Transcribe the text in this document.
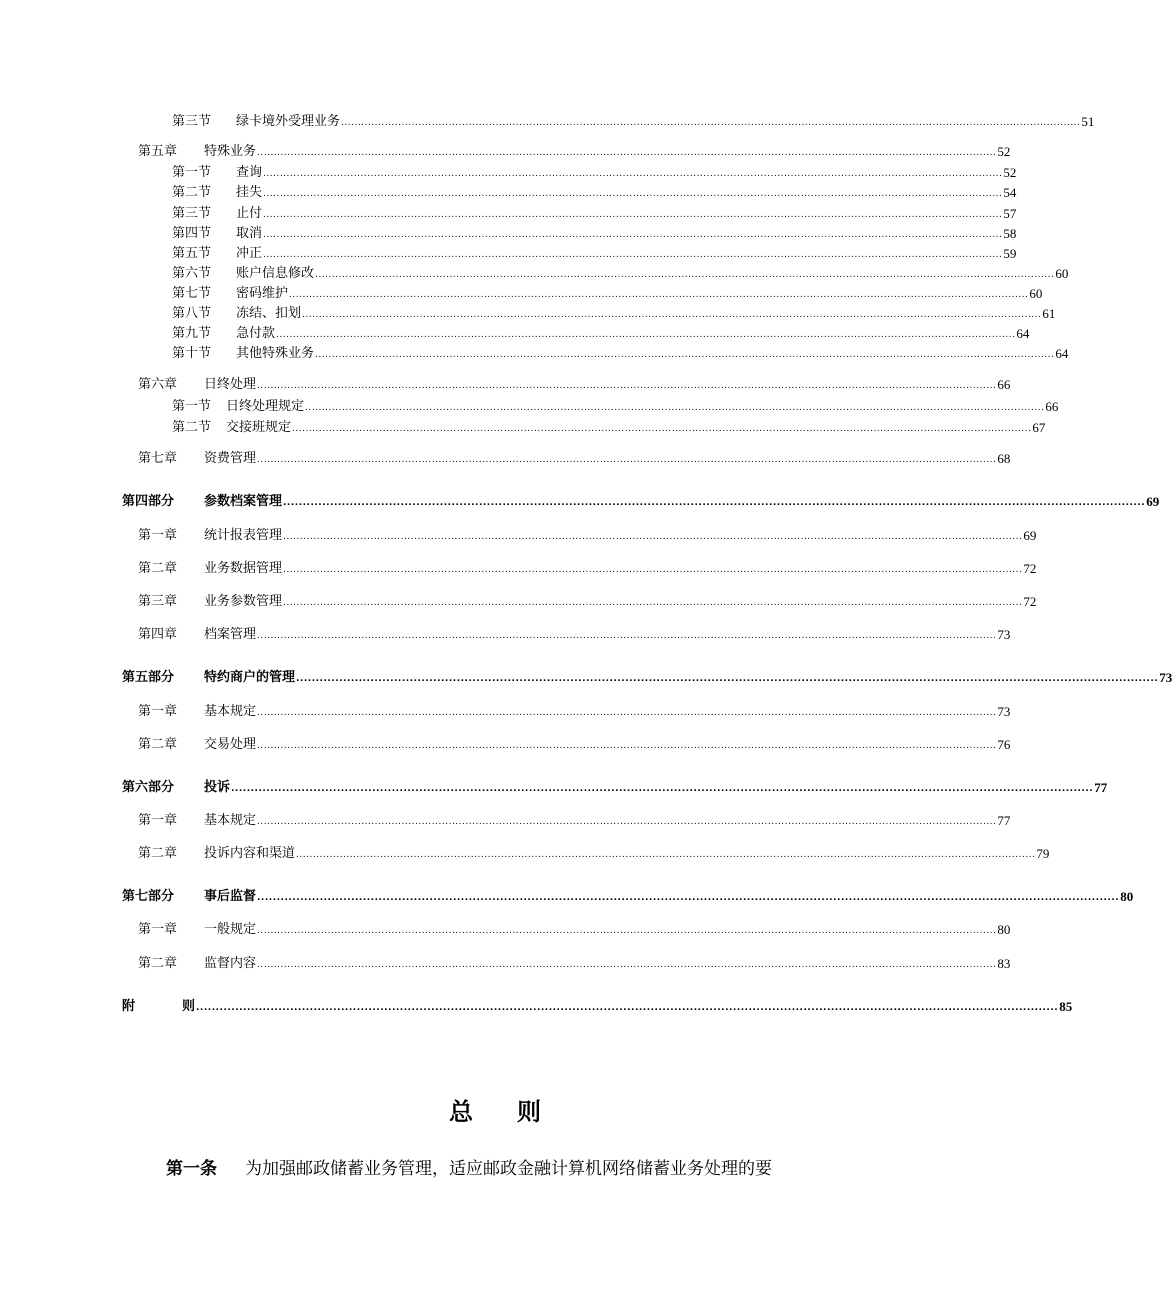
第三节	绿卡境外受理业务 ............................................................................................................................................................................................................................ 51
第五章	特殊业务 ............................................................................................................................................................................................................................ 52
第一节	查询 ............................................................................................................................................................................................................................ 52
第二节	挂失 ............................................................................................................................................................................................................................ 54
第三节	止付 ............................................................................................................................................................................................................................ 57
第四节	取消 ............................................................................................................................................................................................................................ 58
第五节	冲正 ............................................................................................................................................................................................................................ 59
第六节	账户信息修改 ............................................................................................................................................................................................................................ 60
第七节	密码维护 ............................................................................................................................................................................................................................ 60
第八节	冻结、扣划 ............................................................................................................................................................................................................................ 61
第九节	急付款 ............................................................................................................................................................................................................................ 64
第十节	其他特殊业务 ............................................................................................................................................................................................................................ 64
第六章	日终处理 ............................................................................................................................................................................................................................ 66
第一节	日终处理规定 ............................................................................................................................................................................................................................ 66
第二节	交接班规定 ............................................................................................................................................................................................................................ 67
第七章	资费管理 ............................................................................................................................................................................................................................ 68
第四部分	参数档案管理 ............................................................................................................................................................................................................................ 69
第一章	统计报表管理 ............................................................................................................................................................................................................................ 69
第二章	业务数据管理 ............................................................................................................................................................................................................................ 72
第三章	业务参数管理 ............................................................................................................................................................................................................................ 72
第四章	档案管理 ............................................................................................................................................................................................................................ 73
第五部分	特约商户的管理 ............................................................................................................................................................................................................................ 73
第一章	基本规定 ............................................................................................................................................................................................................................ 73
第二章	交易处理 ............................................................................................................................................................................................................................ 76
第六部分	投诉 ............................................................................................................................................................................................................................ 77
第一章	基本规定 ............................................................................................................................................................................................................................ 77
第二章	投诉内容和渠道 ............................................................................................................................................................................................................................ 79
第七部分	事后监督 ............................................................................................................................................................................................................................ 80
第一章	一般规定 ............................................................................................................................................................................................................................ 80
第二章	监督内容 ............................................................................................................................................................................................................................ 83
附	则 ............................................................................................................................................................................................................................ 85
总 则
第一条 为加强邮政储蓄业务管理，适应邮政金融计算机网络储蓄业务处理的要
